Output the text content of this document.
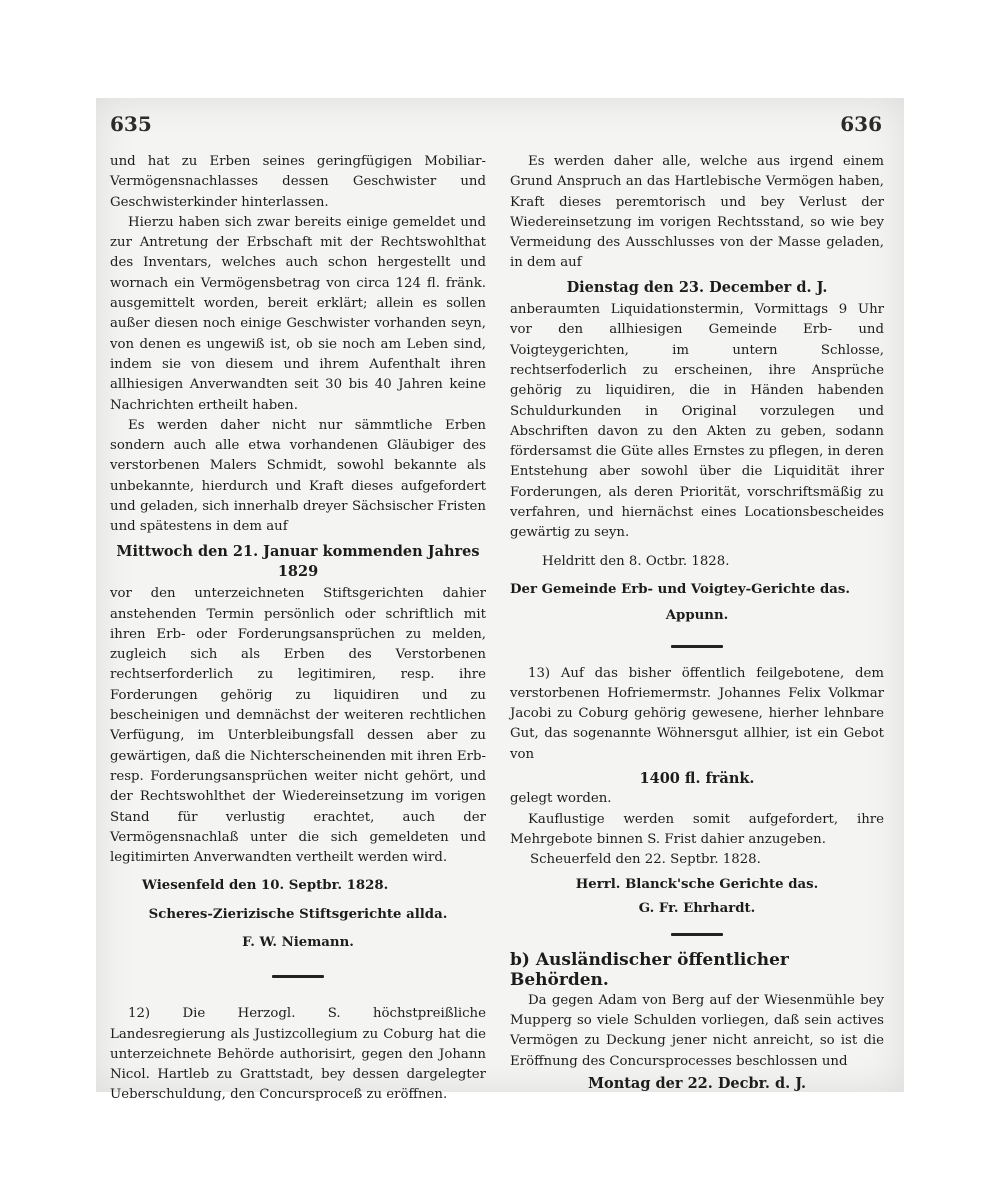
635	636

und hat zu Erben seines geringfügigen Mobiliar-Vermögensnachlasses dessen Geschwister und Geschwisterkinder hinterlassen.

Hierzu haben sich zwar bereits einige gemeldet und zur Antretung der Erbschaft mit der Rechtswohlthat des Inventars, welches auch schon hergestellt und wornach ein Vermögensbetrag von circa 124 fl. fränk. ausgemittelt worden, bereit erklärt; allein es sollen außer diesen noch einige Geschwister vorhanden seyn, von denen es ungewiß ist, ob sie noch am Leben sind, indem sie von diesem und ihrem Aufenthalt ihren allhiesigen Anverwandten seit 30 bis 40 Jahren keine Nachrichten ertheilt haben.

Es werden daher nicht nur sämmtliche Erben sondern auch alle etwa vorhandenen Gläubiger des verstorbenen Malers Schmidt, sowohl bekannte als unbekannte, hierdurch und Kraft dieses aufgefordert und geladen, sich innerhalb dreyer Sächsischer Fristen und spätestens in dem auf

Mittwoch den 21. Januar kommenden Jahres 1829

vor den unterzeichneten Stiftsgerichten dahier anstehenden Termin persönlich oder schriftlich mit ihren Erb- oder Forderungsansprüchen zu melden, zugleich sich als Erben des Verstorbenen rechtserforderlich zu legitimiren, resp. ihre Forderungen gehörig zu liquidiren und zu bescheinigen und demnächst der weiteren rechtlichen Verfügung, im Unterbleibungsfall dessen aber zu gewärtigen, daß die Nichterscheinenden mit ihren Erb- resp. Forderungsansprüchen weiter nicht gehört, und der Rechtswohlthet der Wiedereinsetzung im vorigen Stand für verlustig erachtet, auch der Vermögensnachlaß unter die sich gemeldeten und legitimirten Anverwandten vertheilt werden wird.

Wiesenfeld den 10. Septbr. 1828.

Scheres-Zierizische Stiftsgerichte allda.

F. W. Niemann.

12) Die Herzogl. S. höchstpreißliche Landesregierung als Justizcollegium zu Coburg hat die unterzeichnete Behörde authorisirt, gegen den Johann Nicol. Hartleb zu Grattstadt, bey dessen dargelegter Ueberschuldung, den Concursproceß zu eröffnen.

Es werden daher alle, welche aus irgend einem Grund Anspruch an das Hartlebische Vermögen haben, Kraft dieses peremtorisch und bey Verlust der Wiedereinsetzung im vorigen Rechtsstand, so wie bey Vermeidung des Ausschlusses von der Masse geladen, in dem auf

Dienstag den 23. December d. J.

anberaumten Liquidationstermin, Vormittags 9 Uhr vor den allhiesigen Gemeinde Erb- und Voigteygerichten, im untern Schlosse, rechtserfoderlich zu erscheinen, ihre Ansprüche gehörig zu liquidiren, die in Händen habenden Schuldurkunden in Original vorzulegen und Abschriften davon zu den Akten zu geben, sodann fördersamst die Güte alles Ernstes zu pflegen, in deren Entstehung aber sowohl über die Liquidität ihrer Forderungen, als deren Priorität, vorschriftsmäßig zu verfahren, und hiernächst eines Locationsbescheides gewärtig zu seyn.

Heldritt den 8. Octbr. 1828.

Der Gemeinde Erb- und Voigtey-Gerichte das.

Appunn.

13) Auf das bisher öffentlich feilgebotene, dem verstorbenen Hofriemermstr. Johannes Felix Volkmar Jacobi zu Coburg gehörig gewesene, hierher lehnbare Gut, das sogenannte Wöhnersgut allhier, ist ein Gebot von

1400 fl. fränk.

gelegt worden.

Kauflustige werden somit aufgefordert, ihre Mehrgebote binnen S. Frist dahier anzugeben.

Scheuerfeld den 22. Septbr. 1828.

Herrl. Blanck'sche Gerichte das.

G. Fr. Ehrhardt.

b) Ausländischer öffentlicher Behörden.

Da gegen Adam von Berg auf der Wiesenmühle bey Mupperg so viele Schulden vorliegen, daß sein actives Vermögen zu Deckung jener nicht anreicht, so ist die Eröffnung des Concursprocesses beschlossen und

Montag der 22. Decbr. d. J.
